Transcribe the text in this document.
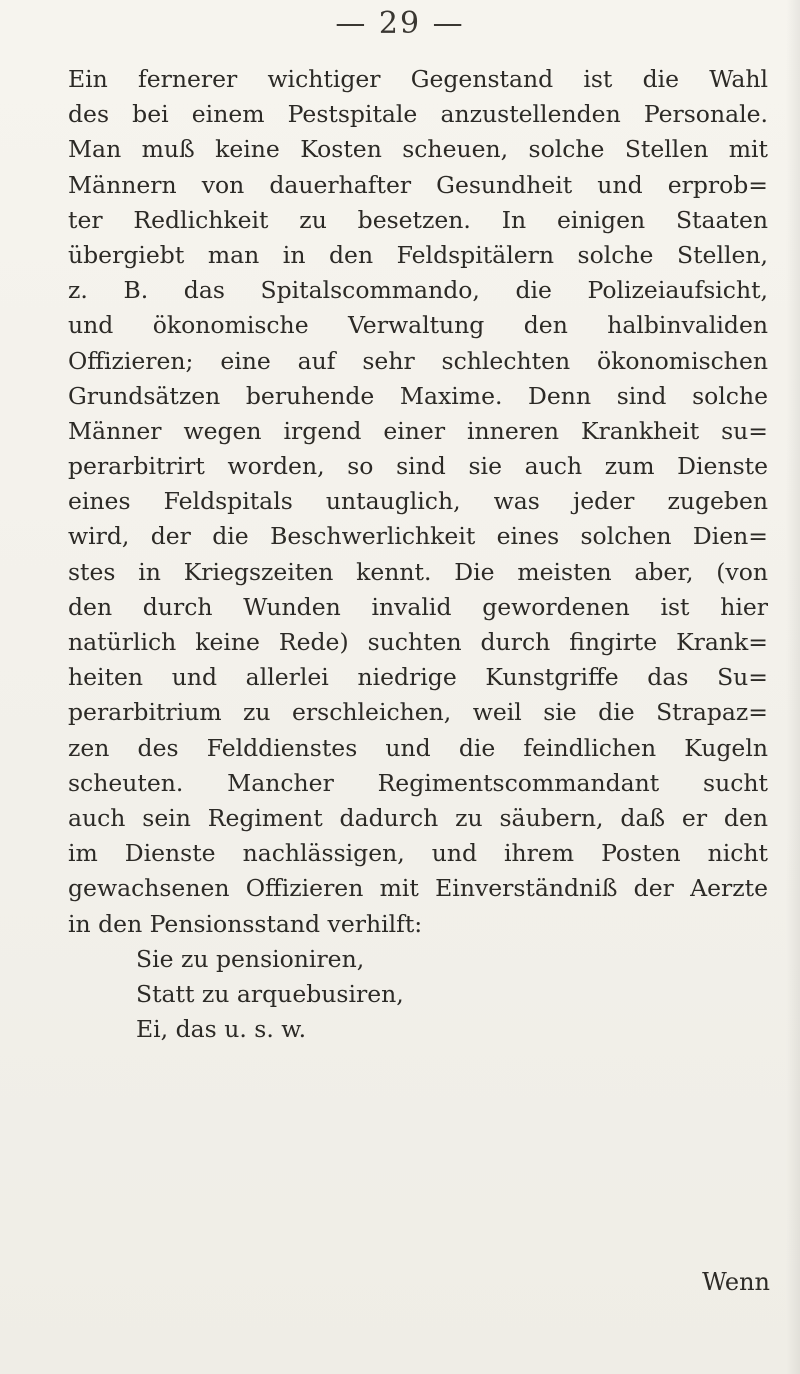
— 29 —
Ein fernerer wichtiger Gegenstand ist die Wahl
des bei einem Pestspitale anzustellenden Personale.
Man muß keine Kosten scheuen, solche Stellen mit
Männern von dauerhafter Gesundheit und erprob=
ter Redlichkeit zu besetzen. In einigen Staaten
übergiebt man in den Feldspitälern solche Stellen,
z. B. das Spitalscommando, die Polizeiaufsicht,
und ökonomische Verwaltung den halbinvaliden
Offizieren; eine auf sehr schlechten ökonomischen
Grundsätzen beruhende Maxime. Denn sind solche
Männer wegen irgend einer inneren Krankheit su=
perarbitrirt worden, so sind sie auch zum Dienste
eines Feldspitals untauglich, was jeder zugeben
wird, der die Beschwerlichkeit eines solchen Dien=
stes in Kriegszeiten kennt. Die meisten aber, (von
den durch Wunden invalid gewordenen ist hier
natürlich keine Rede) suchten durch fingirte Krank=
heiten und allerlei niedrige Kunstgriffe das Su=
perarbitrium zu erschleichen, weil sie die Strapaz=
zen des Felddienstes und die feindlichen Kugeln
scheuten. Mancher Regimentscommandant sucht
auch sein Regiment dadurch zu säubern, daß er den
im Dienste nachlässigen, und ihrem Posten nicht
gewachsenen Offizieren mit Einverständniß der Aerzte
in den Pensionsstand verhilft:
Sie zu pensioniren,
Statt zu arquebusiren,
Ei, das u. s. w.
Wenn
